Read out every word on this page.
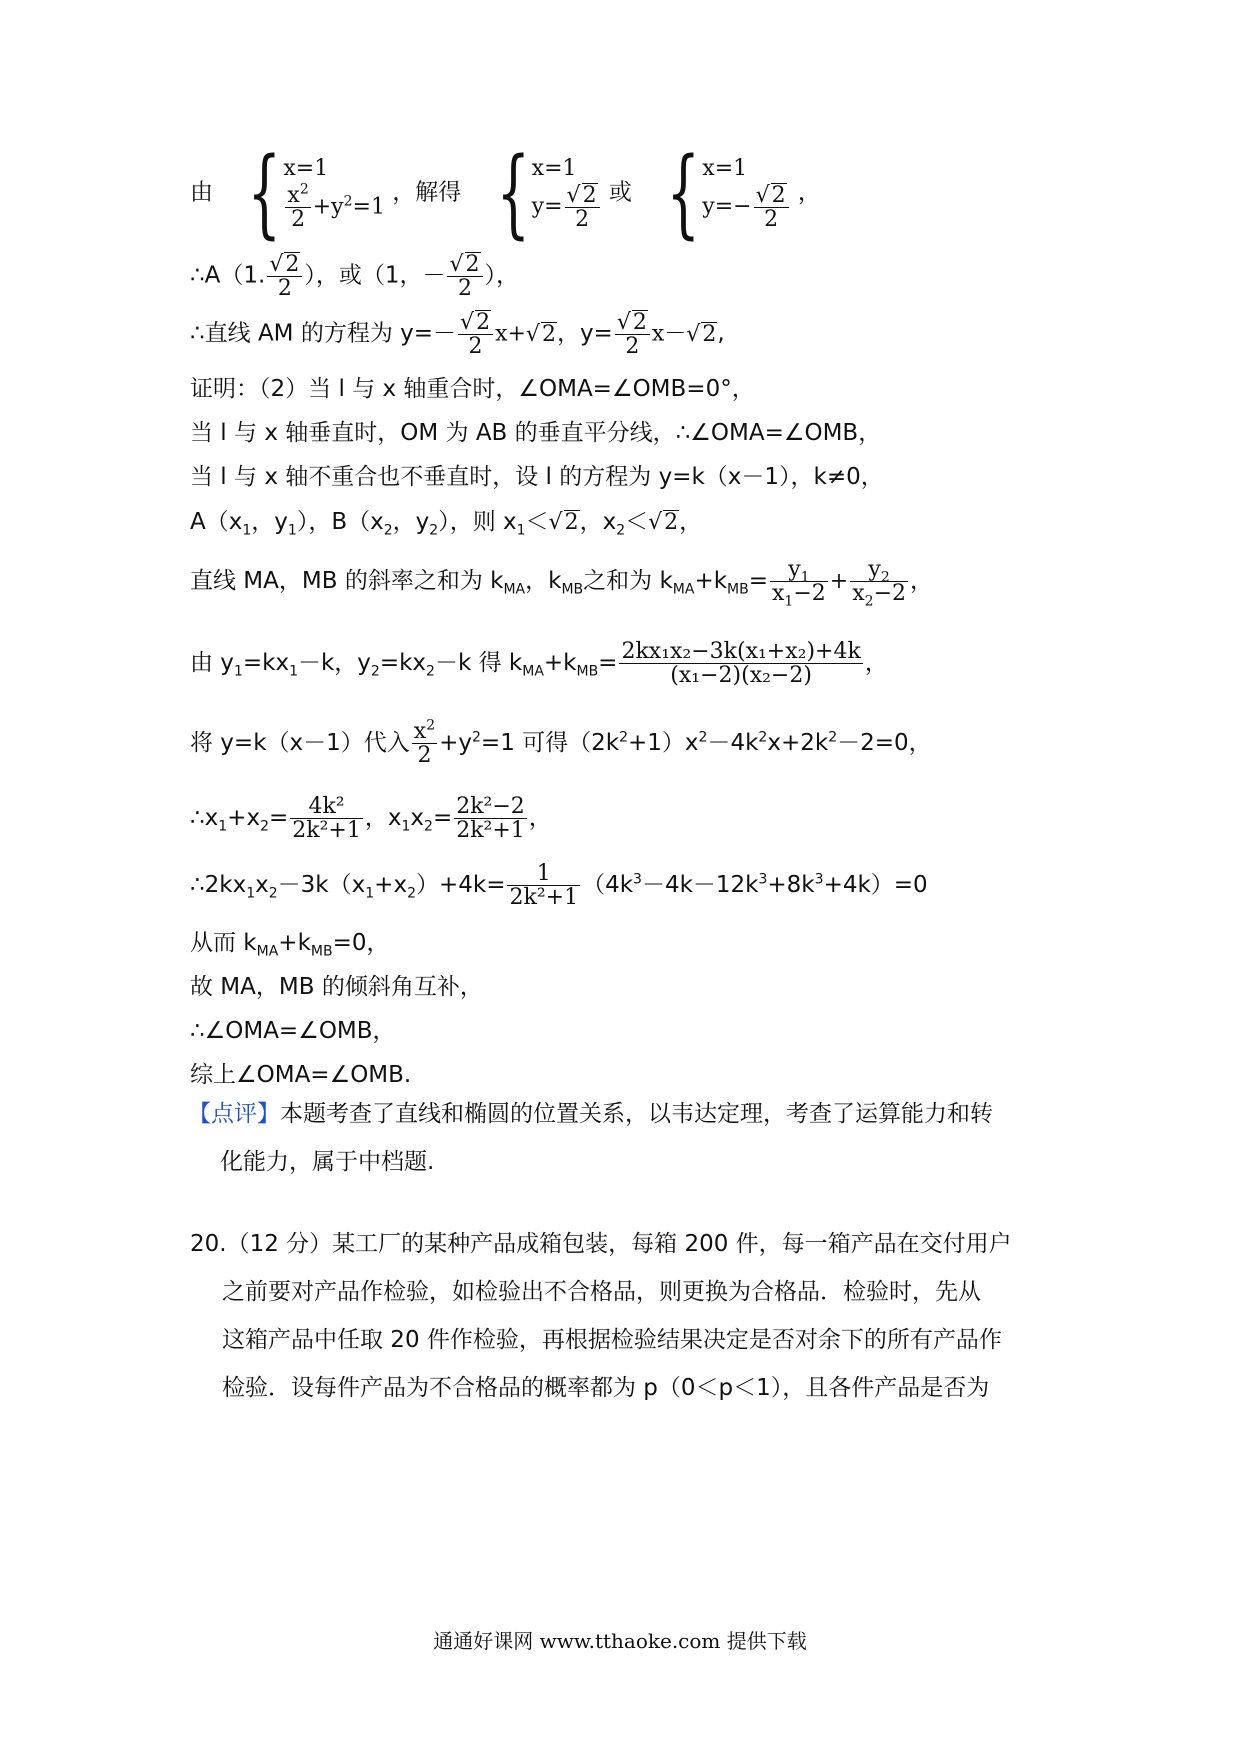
由 { x=1
$\frac{x^2}{2} +y^2=1$
，解得 { x=1
$y= \frac{√2}{2}$ 或 { x=1
$y=- \frac{√2}{2}$ ，
∴A（1. $\frac{√2}{2}$ ），或（1，－ $\frac{√2}{2}$ ），
∴直线 AM 的方程为 $y=- \frac{√2}{2} x+√2$，$y= \frac{√2}{2} x-√2$,
证明：（2）当 l 与 x 轴重合时，∠OMA=∠OMB=0°，
当 l 与 x 轴垂直时，OM 为 AB 的垂直平分线，∴∠OMA=∠OMB，
当 l 与 x 轴不重合也不垂直时，设 l 的方程为 y=k（x－1），k≠0，
$A(x_1$，$y_1$），$B(x_2$，$y_2$），则 $x_1<√2$，$x_2<√2$，
直线 MA，MB 的斜率之和为 $k_{MA}$，$k_{MB}$之和为 $k_{MA}+k_{MB}= \frac{y_1}{x_1-2} + \frac{y_2}{x_2-2}$ ，
由 $y_1=kx_1-k$，$y_2=kx_2-k$ 得 $k_{MA}+k_{MB}= \frac{\text{2kx₁x₂−3k(x₁+x₂)+4k}}{\text{(x₁−2)(x₂−2)}}$ ，
将 y=k（x－1）代入 $\frac{x^2}{2} +y^2=1$ 可得$(2k^2+1)x^2-4k^2x+2k^2-2=0$，
$\therefore x_1+x_2= \frac{\text{4k²}}{\text{2k²+1}}$ ，$x_1x_2= \frac{\text{2k²−2}}{\text{2k²+1}}$ ，
$\therefore 2kx_1x_2-3k(x_1+x_2)+4k= \frac{1}{\text{2k²+1}} (4k^3-4k-12k^3+8k^3+4k)=0$
从而 $k_{MA}+k_{MB}=0$，
故 MA，MB 的倾斜角互补，
∴∠OMA=∠OMB，
综上∠OMA=∠OMB.
【点评】本题考查了直线和椭圆的位置关系，以韦达定理，考查了运算能力和转
化能力，属于中档题.
20.（12 分）某工厂的某种产品成箱包装，每箱 200 件，每一箱产品在交付用户
之前要对产品作检验，如检验出不合格品，则更换为合格品．检验时，先从
这箱产品中任取 20 件作检验，再根据检验结果决定是否对余下的所有产品作
检验．设每件产品为不合格品的概率都为 p（0＜p＜1），且各件产品是否为
通通好课网 www.tthaoke.com 提供下载
